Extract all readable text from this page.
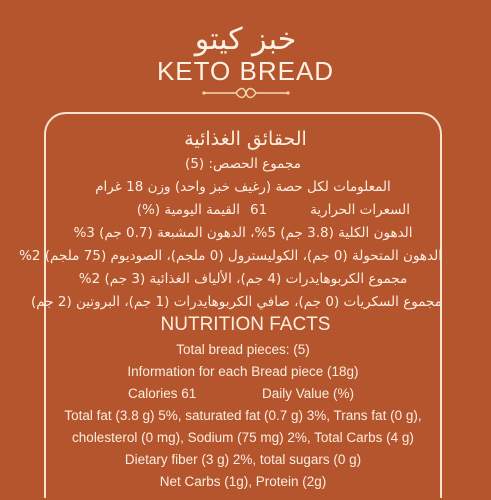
خبز كيتو
KETO BREAD
الحقائق الغذائية
مجموع الحصص: (5)
المعلومات لكل حصة (رغيف خبز واحد) وزن 18 غرام
السعرات الحرارية
61
القيمة اليومية (%)
الدهون الكلية (3.8 جم) 5%، الدهون المشبعة (0.7 جم) 3%
الدهون المتحولة (0 جم)، الكوليسترول (0 ملجم)، الصوديوم (75 ملجم) 2%
مجموع الكربوهايدرات (4 جم)، الألياف الغذائية (3 جم) 2%
مجموع السكريات (0 جم)، صافي الكربوهايدرات (1 جم)، البروتين (2 جم)
NUTRITION FACTS
Total bread pieces: (5)
Information for each Bread piece (18g)
Calories 61	Daily Value (%)
Total fat (3.8 g) 5%, saturated fat (0.7 g) 3%, Trans fat (0 g),
cholesterol (0 mg), Sodium (75 mg) 2%, Total Carbs (4 g)
Dietary fiber (3 g) 2%, total sugars (0 g)
Net Carbs (1g), Protein (2g)
